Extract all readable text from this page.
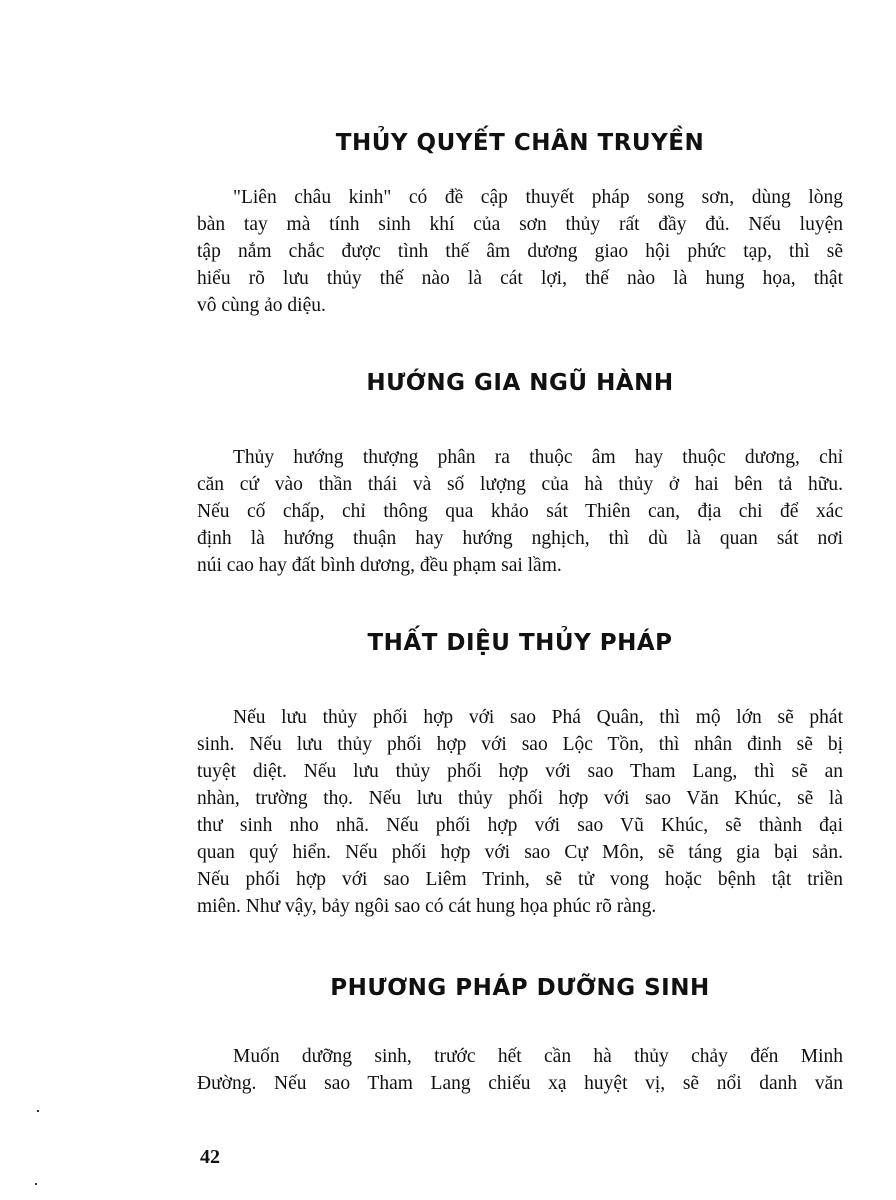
THỦY QUYẾT CHÂN TRUYỀN
"Liên châu kinh" có đề cập thuyết pháp song sơn, dùng lòng
bàn tay mà tính sinh khí của sơn thủy rất đầy đủ. Nếu luyện
tập nắm chắc được tình thế âm dương giao hội phức tạp, thì sẽ
hiểu rõ lưu thủy thế nào là cát lợi, thế nào là hung họa, thật
vô cùng ảo diệu.
HƯỚNG GIA NGŨ HÀNH
Thủy hướng thượng phân ra thuộc âm hay thuộc dương, chỉ
căn cứ vào thần thái và số lượng của hà thủy ở hai bên tả hữu.
Nếu cố chấp, chỉ thông qua khảo sát Thiên can, địa chi để xác
định là hướng thuận hay hướng nghịch, thì dù là quan sát nơi
núi cao hay đất bình dương, đều phạm sai lầm.
THẤT DIỆU THỦY PHÁP
Nếu lưu thủy phối hợp với sao Phá Quân, thì mộ lớn sẽ phát
sinh. Nếu lưu thủy phối hợp với sao Lộc Tồn, thì nhân đinh sẽ bị
tuyệt diệt. Nếu lưu thủy phối hợp với sao Tham Lang, thì sẽ an
nhàn, trường thọ. Nếu lưu thủy phối hợp với sao Văn Khúc, sẽ là
thư sinh nho nhã. Nếu phối hợp với sao Vũ Khúc, sẽ thành đại
quan quý hiển. Nếu phối hợp với sao Cự Môn, sẽ táng gia bại sản.
Nếu phối hợp với sao Liêm Trinh, sẽ tử vong hoặc bệnh tật triền
miên. Như vậy, bảy ngôi sao có cát hung họa phúc rõ ràng.
PHƯƠNG PHÁP DƯỠNG SINH
Muốn dưỡng sinh, trước hết cần hà thủy chảy đến Minh
Đường. Nếu sao Tham Lang chiếu xạ huyệt vị, sẽ nổi danh văn
42
